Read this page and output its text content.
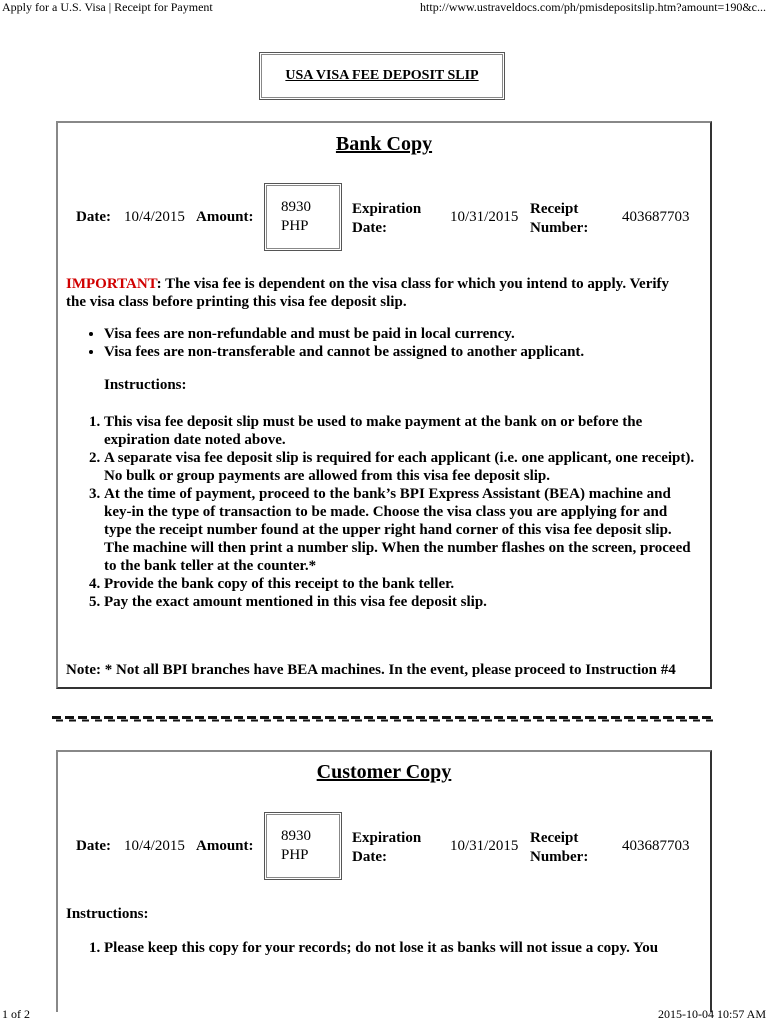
Apply for a U.S. Visa | Receipt for Payment	http://www.ustraveldocs.com/ph/pmisdepositslip.htm?amount=190&c...
USA VISA FEE DEPOSIT SLIP
Bank Copy
Date: 10/4/2015 Amount:
8930
PHP
Expiration
Date:
10/31/2015 Receipt
Number:
403687703
IMPORTANT: The visa fee is dependent on the visa class for which you intend to apply. Verify the visa class before printing this visa fee deposit slip.
• Visa fees are non-refundable and must be paid in local currency.
• Visa fees are non-transferable and cannot be assigned to another applicant.
Instructions:
1. This visa fee deposit slip must be used to make payment at the bank on or before the expiration date noted above.
2. A separate visa fee deposit slip is required for each applicant (i.e. one applicant, one receipt). No bulk or group payments are allowed from this visa fee deposit slip.
3. At the time of payment, proceed to the bank’s BPI Express Assistant (BEA) machine and key-in the type of transaction to be made. Choose the visa class you are applying for and type the receipt number found at the upper right hand corner of this visa fee deposit slip. The machine will then print a number slip. When the number flashes on the screen, proceed to the bank teller at the counter.*
4. Provide the bank copy of this receipt to the bank teller.
5. Pay the exact amount mentioned in this visa fee deposit slip.
Note: * Not all BPI branches have BEA machines. In the event, please proceed to Instruction #4
Customer Copy
Date: 10/4/2015 Amount:
8930
PHP
Expiration
Date:
10/31/2015 Receipt
Number:
403687703
Instructions:
1. Please keep this copy for your records; do not lose it as banks will not issue a copy. You
1 of 2	2015-10-04 10:57 AM
